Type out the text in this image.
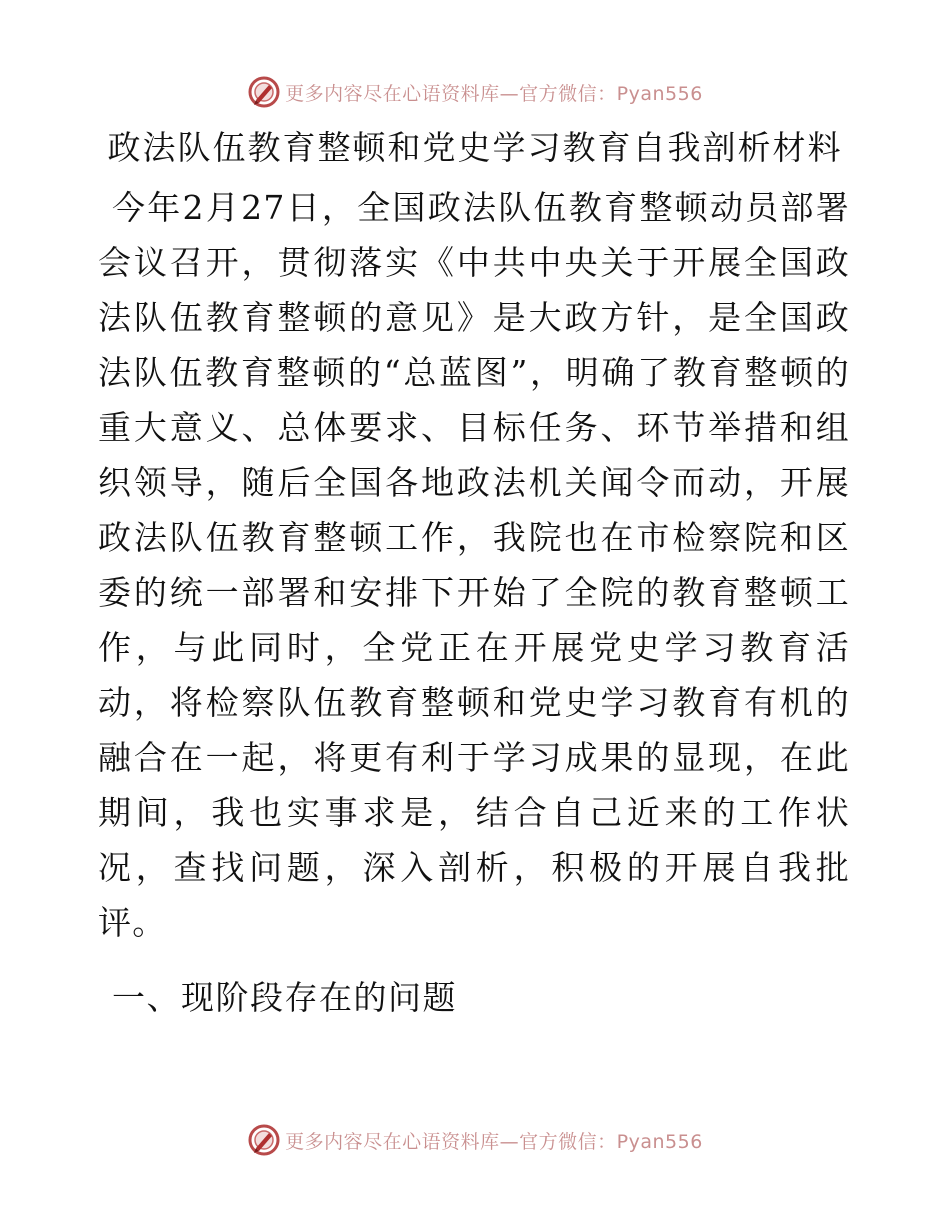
更多内容尽在心语资料库—官方微信：Pyan556
政法队伍教育整顿和党史学习教育自我剖析材料

今年2月27日，全国政法队伍教育整顿动员部署会议召开，贯彻落实《中共中央关于开展全国政法队伍教育整顿的意见》是大政方针，是全国政法队伍教育整顿的“总蓝图”，明确了教育整顿的重大意义、总体要求、目标任务、环节举措和组织领导，随后全国各地政法机关闻令而动，开展政法队伍教育整顿工作，我院也在市检察院和区委的统一部署和安排下开始了全院的教育整顿工作，与此同时，全党正在开展党史学习教育活动，将检察队伍教育整顿和党史学习教育有机的融合在一起，将更有利于学习成果的显现，在此期间，我也实事求是，结合自己近来的工作状况，查找问题，深入剖析，积极的开展自我批评。

一、现阶段存在的问题
更多内容尽在心语资料库—官方微信：Pyan556
